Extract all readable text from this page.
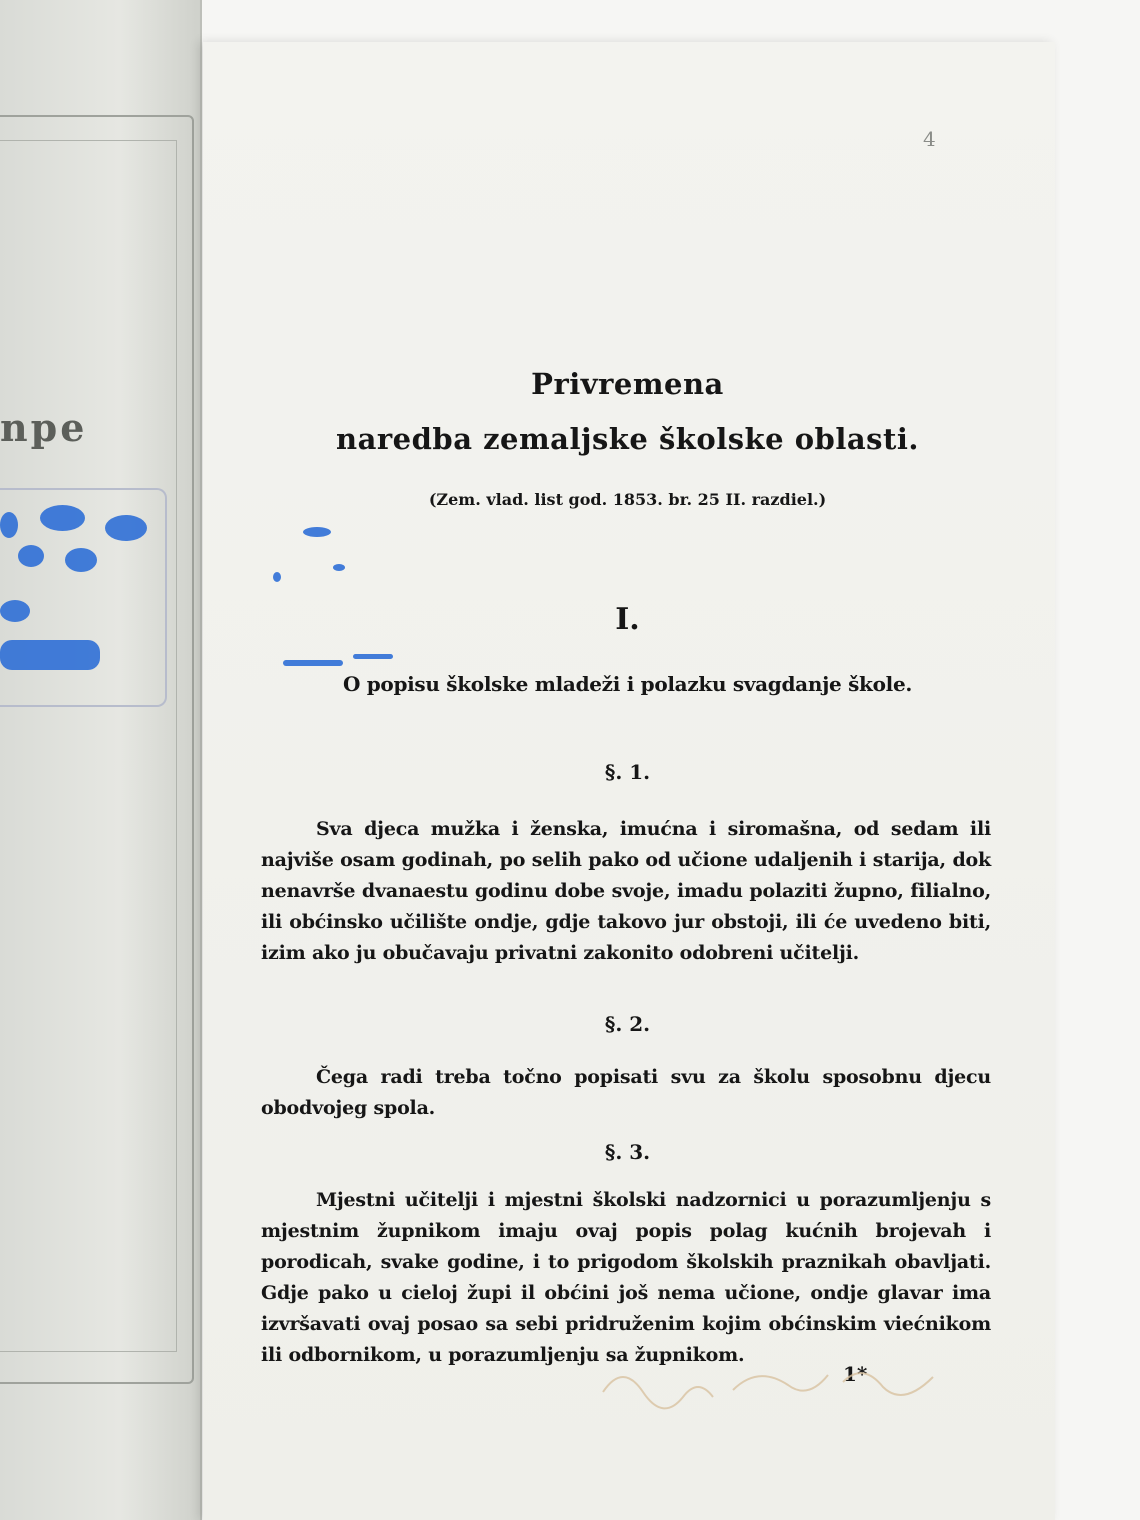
npe
4
Privremena
naredba zemaljske školske oblasti.

(Zem. vlad. list god. 1853. br. 25 II. razdiel.)

I.
O popisu školske mladeži i polazku svagdanje škole.

§. 1.

Sva djeca mužka i ženska, imućna i siromašna, od sedam ili najviše osam godinah, po selih pako od učione udaljenih i starija, dok nenavrše dvanaestu godinu dobe svoje, imadu polaziti župno, filialno, ili obćinsko učilište ondje, gdje takovo jur obstoji, ili će uvedeno biti, izim ako ju obučavaju privatni zakonito odobreni učitelji.

§. 2.

Čega radi treba točno popisati svu za školu sposobnu djecu obodvojeg spola.

§. 3.

Mjestni učitelji i mjestni školski nadzornici u porazumljenju s mjestnim župnikom imaju ovaj popis polag kućnih brojevah i porodicah, svake godine, i to prigodom školskih praznikah obavljati. Gdje pako u cieloj župi il obćini još nema učione, ondje glavar ima izvršavati ovaj posao sa sebi pridruženim kojim obćinskim viećnikom ili odbornikom, u porazumljenju sa župnikom.

1*
